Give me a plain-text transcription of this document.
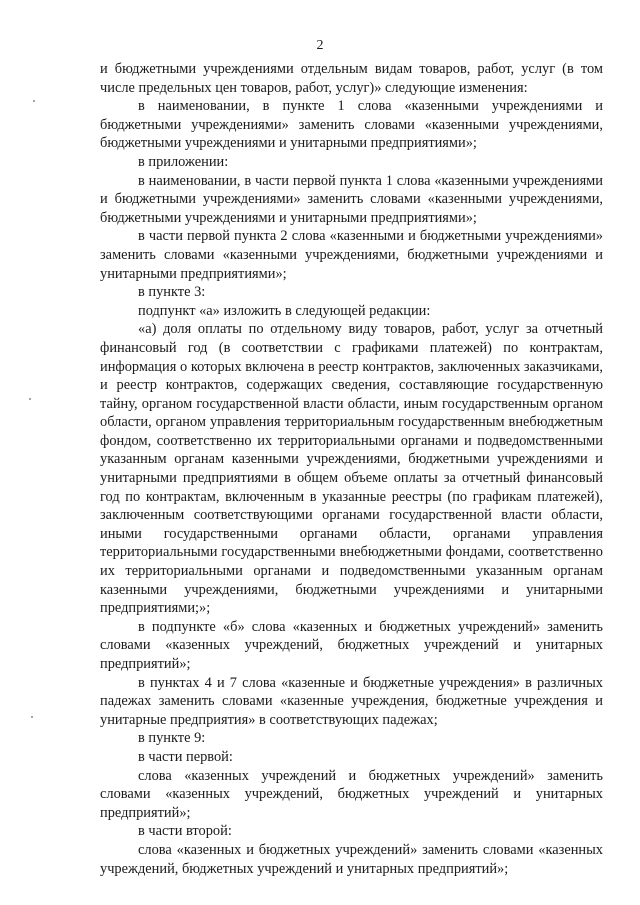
2

и бюджетными учреждениями отдельным видам товаров, работ, услуг (в том числе предельных цен товаров, работ, услуг)» следующие изменения:

в наименовании, в пункте 1 слова «казенными учреждениями и бюджетными учреждениями» заменить словами «казенными учреждениями, бюджетными учреждениями и унитарными предприятиями»;

в приложении:

в наименовании, в части первой пункта 1 слова «казенными учреждениями и бюджетными учреждениями» заменить словами «казенными учреждениями, бюджетными учреждениями и унитарными предприятиями»;

в части первой пункта 2 слова «казенными и бюджетными учреждениями» заменить словами «казенными учреждениями, бюджетными учреждениями и унитарными предприятиями»;

в пункте 3:

подпункт «а» изложить в следующей редакции:

«а) доля оплаты по отдельному виду товаров, работ, услуг за отчетный финансовый год (в соответствии с графиками платежей) по контрактам, информация о которых включена в реестр контрактов, заключенных заказчиками, и реестр контрактов, содержащих сведения, составляющие государственную тайну, органом государственной власти области, иным государственным органом области, органом управления территориальным государственным внебюджетным фондом, соответственно их территориальными органами и подведомственными указанным органам казенными учреждениями, бюджетными учреждениями и унитарными предприятиями в общем объеме оплаты за отчетный финансовый год по контрактам, включенным в указанные реестры (по графикам платежей), заключенным соответствующими органами государственной власти области, иными государственными органами области, органами управления территориальными государственными внебюджетными фондами, соответственно их территориальными органами и подведомственными указанным органам казенными учреждениями, бюджетными учреждениями и унитарными предприятиями;»;

в подпункте «б» слова «казенных и бюджетных учреждений» заменить словами «казенных учреждений, бюджетных учреждений и унитарных предприятий»;

в пунктах 4 и 7 слова «казенные и бюджетные учреждения» в различных падежах заменить словами «казенные учреждения, бюджетные учреждения и унитарные предприятия» в соответствующих падежах;

в пункте 9:

в части первой:

слова «казенных учреждений и бюджетных учреждений» заменить словами «казенных учреждений, бюджетных учреждений и унитарных предприятий»;

в части второй:

слова «казенных и бюджетных учреждений» заменить словами «казенных учреждений, бюджетных учреждений и унитарных предприятий»;
